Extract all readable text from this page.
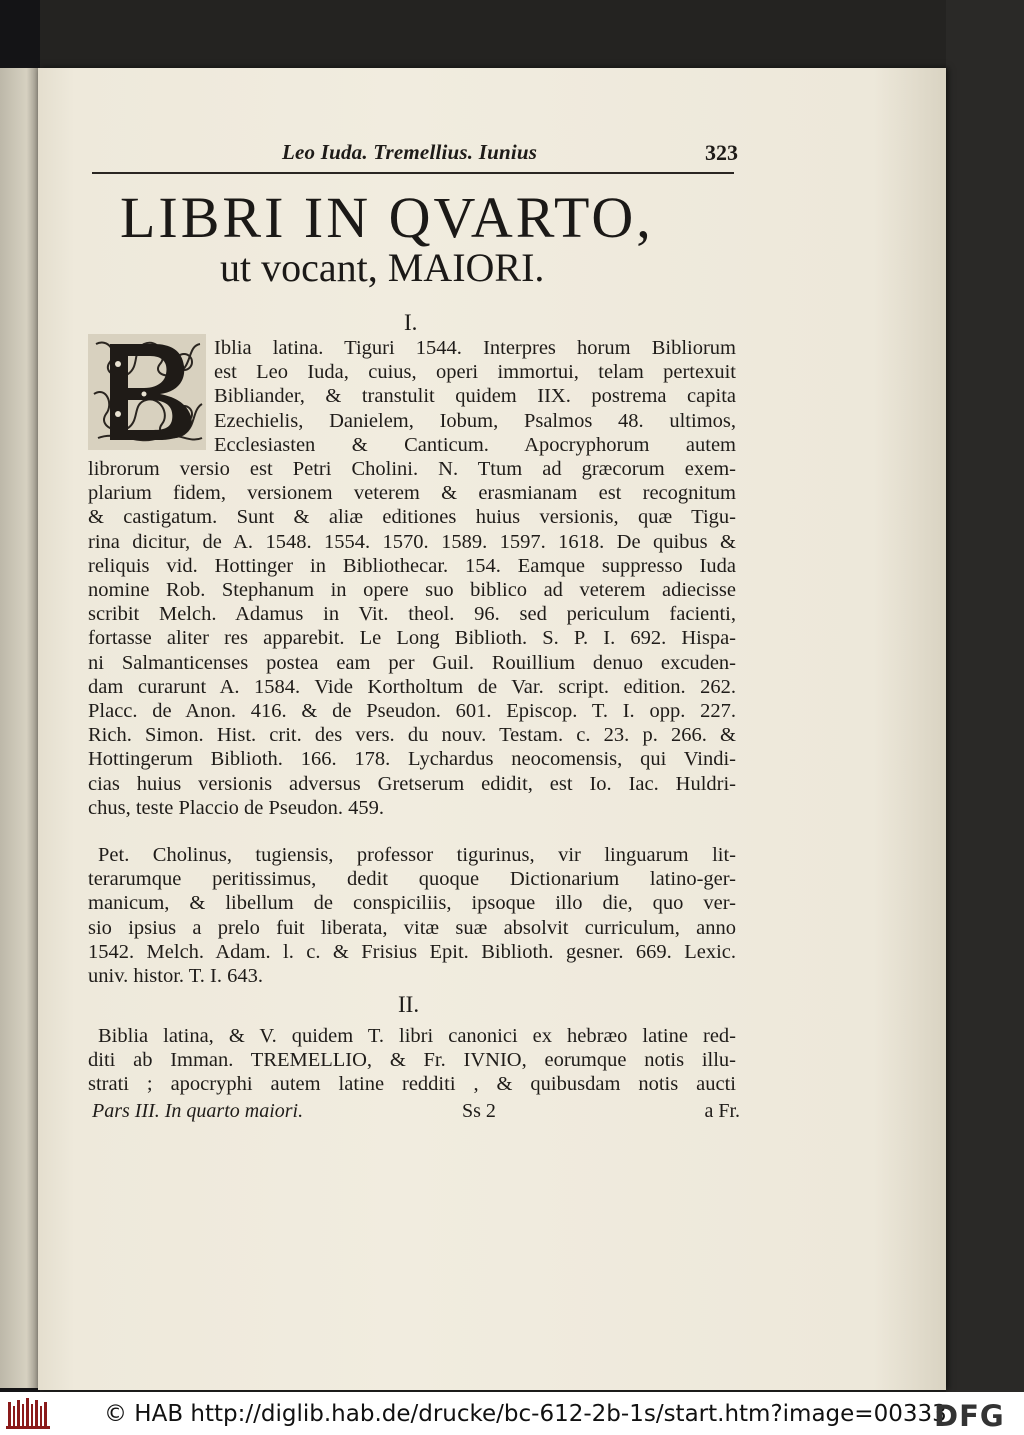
Leo Iuda. Tremellius. Iunius	323
LIBRI IN QVARTO,
ut vocant, MAIORI.
I.
Iblia latina. Tiguri 1544. Interpres horum Bibliorum
est Leo Iuda, cuius, operi immortui, telam pertexuit
Bibliander, & transtulit quidem IIX. postrema capita
Ezechielis, Danielem, Iobum, Psalmos 48. ultimos,
Ecclesiasten & Canticum. Apocryphorum autem
librorum versio est Petri Cholini. N. Ttum ad græcorum exem-
plarium fidem, versionem veterem & erasmianam est recognitum
& castigatum. Sunt & aliæ editiones huius versionis, quæ Tigu-
rina dicitur, de A. 1548. 1554. 1570. 1589. 1597. 1618. De quibus &
reliquis vid. Hottinger in Bibliothecar. 154. Eamque suppresso Iuda
nomine Rob. Stephanum in opere suo biblico ad veterem adiecisse
scribit Melch. Adamus in Vit. theol. 96. sed periculum facienti,
fortasse aliter res apparebit. Le Long Biblioth. S. P. I. 692. Hispa-
ni Salmanticenses postea eam per Guil. Rouillium denuo excuden-
dam curarunt A. 1584. Vide Kortholtum de Var. script. edition. 262.
Placc. de Anon. 416. & de Pseudon. 601. Episcop. T. I. opp. 227.
Rich. Simon. Hist. crit. des vers. du nouv. Testam. c. 23. p. 266. &
Hottingerum Biblioth. 166. 178. Lychardus neocomensis, qui Vindi-
cias huius versionis adversus Gretserum edidit, est Io. Iac. Huldri-
chus, teste Placcio de Pseudon. 459.
Pet. Cholinus, tugiensis, professor tigurinus, vir linguarum lit-
terarumque peritissimus, dedit quoque Dictionarium latino-ger-
manicum, & libellum de conspiciliis, ipsoque illo die, quo ver-
sio ipsius a prelo fuit liberata, vitæ suæ absolvit curriculum, anno
1542. Melch. Adam. l. c. & Frisius Epit. Biblioth. gesner. 669. Lexic.
univ. histor. T. I. 643.
II.
Biblia latina, & V. quidem T. libri canonici ex hebræo latine red-
diti ab Imman. TREMELLIO, & Fr. IVNIO, eorumque notis illu-
strati ; apocryphi autem latine redditi , & quibusdam notis aucti
Pars III. In quarto maiori.	Ss 2	a Fr.
© HAB http://diglib.hab.de/drucke/bc-612-2b-1s/start.htm?image=00333
DFG
